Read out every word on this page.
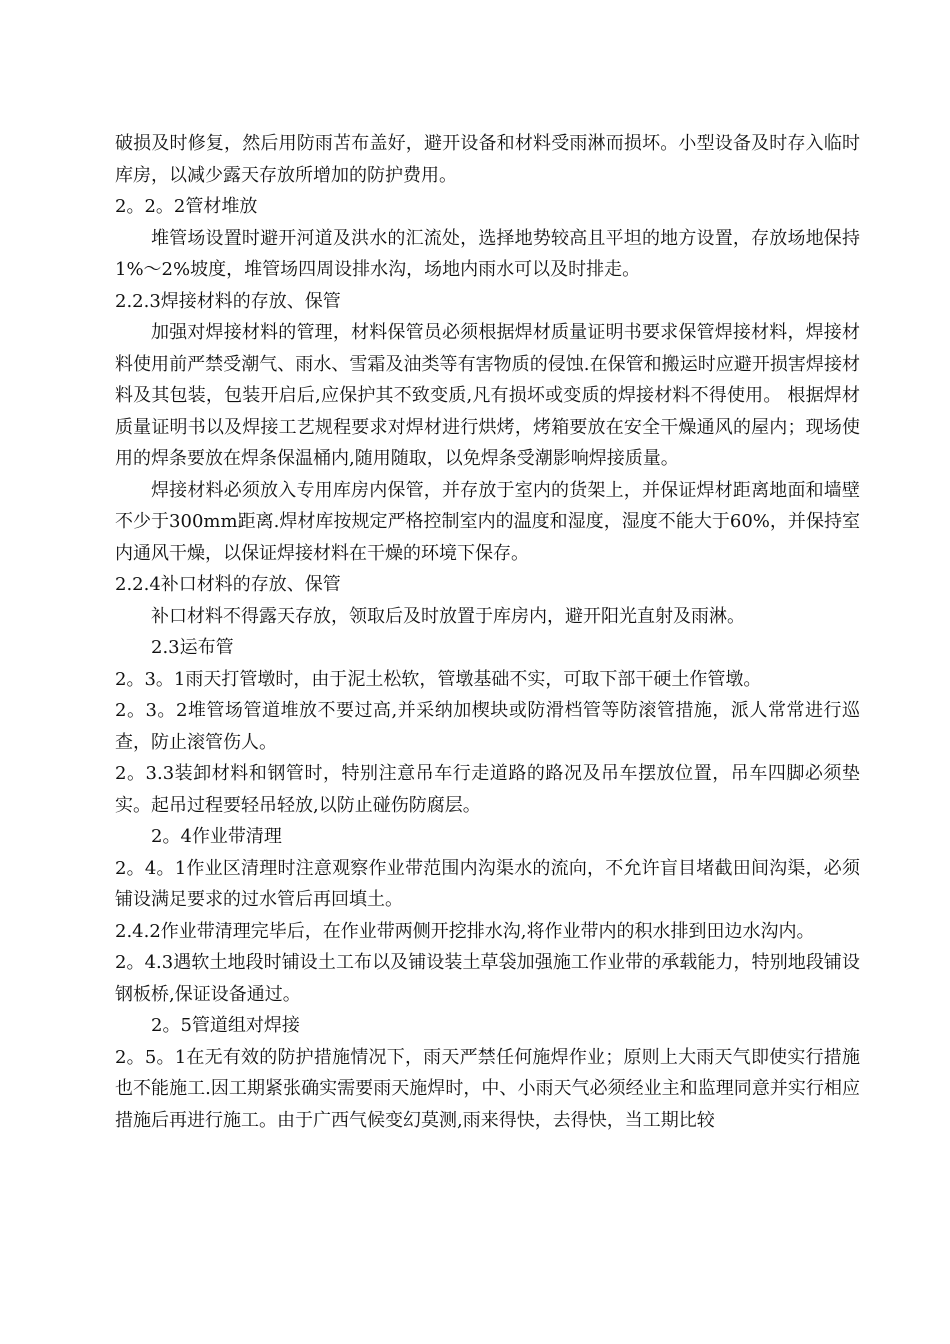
破损及时修复，然后用防雨苫布盖好，避开设备和材料受雨淋而损坏。小型设备及时存入临时库房，以减少露天存放所增加的防护费用。

2。2。2管材堆放

堆管场设置时避开河道及洪水的汇流处，选择地势较高且平坦的地方设置，存放场地保持1%～2%坡度，堆管场四周设排水沟，场地内雨水可以及时排走。

2.2.3焊接材料的存放、保管

加强对焊接材料的管理，材料保管员必须根据焊材质量证明书要求保管焊接材料，焊接材料使用前严禁受潮气、雨水、雪霜及油类等有害物质的侵蚀.在保管和搬运时应避开损害焊接材料及其包装，包装开启后,应保护其不致变质,凡有损坏或变质的焊接材料不得使用。 根据焊材质量证明书以及焊接工艺规程要求对焊材进行烘烤，烤箱要放在安全干燥通风的屋内；现场使用的焊条要放在焊条保温桶内,随用随取，以免焊条受潮影响焊接质量。

焊接材料必须放入专用库房内保管，并存放于室内的货架上，并保证焊材距离地面和墙壁不少于300mm距离.焊材库按规定严格控制室内的温度和湿度，湿度不能大于60%，并保持室内通风干燥，以保证焊接材料在干燥的环境下保存。

2.2.4补口材料的存放、保管

补口材料不得露天存放，领取后及时放置于库房内，避开阳光直射及雨淋。

2.3运布管

2。3。1雨天打管墩时，由于泥土松软，管墩基础不实，可取下部干硬土作管墩。

2。3。2堆管场管道堆放不要过高,并采纳加楔块或防滑档管等防滚管措施，派人常常进行巡查，防止滚管伤人。

2。3.3装卸材料和钢管时，特别注意吊车行走道路的路况及吊车摆放位置，吊车四脚必须垫实。起吊过程要轻吊轻放,以防止碰伤防腐层。

2。4作业带清理

2。4。1作业区清理时注意观察作业带范围内沟渠水的流向，不允许盲目堵截田间沟渠，必须铺设满足要求的过水管后再回填土。

2.4.2作业带清理完毕后，在作业带两侧开挖排水沟,将作业带内的积水排到田边水沟内。

2。4.3遇软土地段时铺设土工布以及铺设装土草袋加强施工作业带的承载能力，特别地段铺设钢板桥,保证设备通过。

2。5管道组对焊接

2。5。1在无有效的防护措施情况下，雨天严禁任何施焊作业；原则上大雨天气即使实行措施也不能施工.因工期紧张确实需要雨天施焊时，中、小雨天气必须经业主和监理同意并实行相应措施后再进行施工。由于广西气候变幻莫测,雨来得快，去得快，当工期比较
